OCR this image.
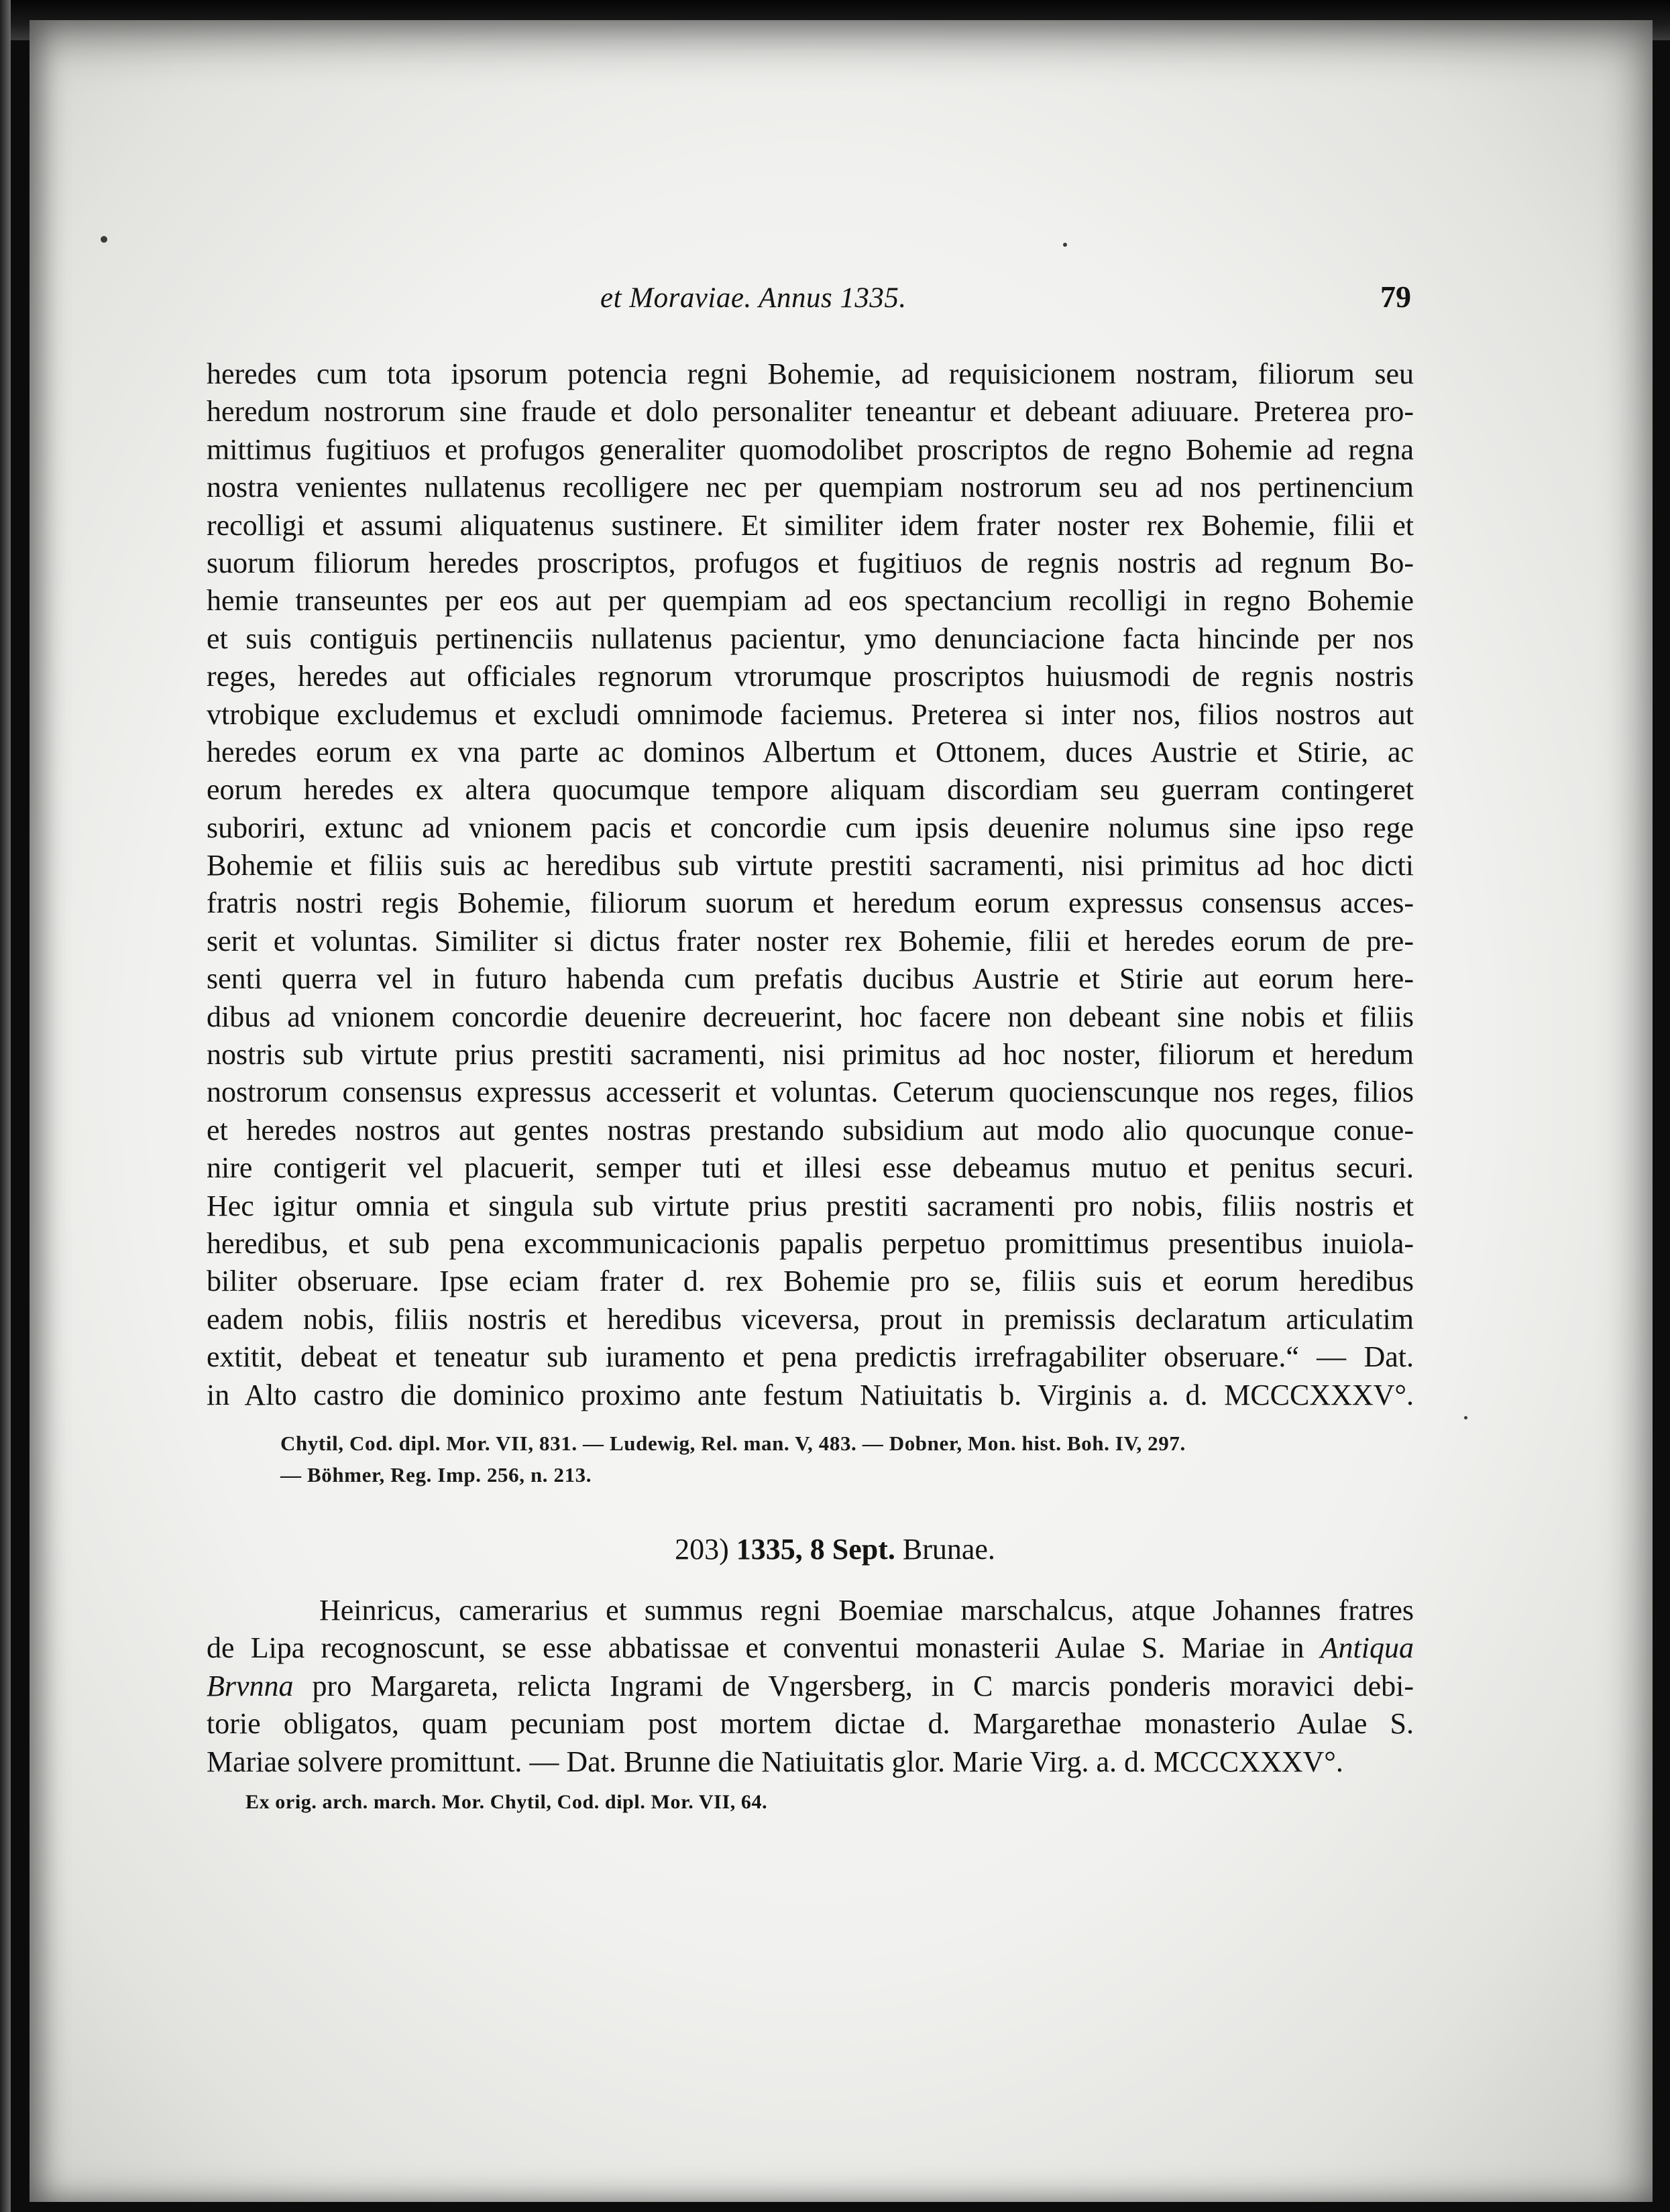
et Moraviae. Annus 1335.	79
heredes cum tota ipsorum potencia regni Bohemie, ad requisicionem nostram, filiorum seu
heredum nostrorum sine fraude et dolo personaliter teneantur et debeant adiuuare. Preterea pro-
mittimus fugitiuos et profugos generaliter quomodolibet proscriptos de regno Bohemie ad regna
nostra venientes nullatenus recolligere nec per quempiam nostrorum seu ad nos pertinencium
recolligi et assumi aliquatenus sustinere. Et similiter idem frater noster rex Bohemie, filii et
suorum filiorum heredes proscriptos, profugos et fugitiuos de regnis nostris ad regnum Bo-
hemie transeuntes per eos aut per quempiam ad eos spectancium recolligi in regno Bohemie
et suis contiguis pertinenciis nullatenus pacientur, ymo denunciacione facta hincinde per nos
reges, heredes aut officiales regnorum vtrorumque proscriptos huiusmodi de regnis nostris
vtrobique excludemus et excludi omnimode faciemus. Preterea si inter nos, filios nostros aut
heredes eorum ex vna parte ac dominos Albertum et Ottonem, duces Austrie et Stirie, ac
eorum heredes ex altera quocumque tempore aliquam discordiam seu guerram contingeret
suboriri, extunc ad vnionem pacis et concordie cum ipsis deuenire nolumus sine ipso rege
Bohemie et filiis suis ac heredibus sub virtute prestiti sacramenti, nisi primitus ad hoc dicti
fratris nostri regis Bohemie, filiorum suorum et heredum eorum expressus consensus acces-
serit et voluntas. Similiter si dictus frater noster rex Bohemie, filii et heredes eorum de pre-
senti querra vel in futuro habenda cum prefatis ducibus Austrie et Stirie aut eorum here-
dibus ad vnionem concordie deuenire decreuerint, hoc facere non debeant sine nobis et filiis
nostris sub virtute prius prestiti sacramenti, nisi primitus ad hoc noster, filiorum et heredum
nostrorum consensus expressus accesserit et voluntas. Ceterum quocienscunque nos reges, filios
et heredes nostros aut gentes nostras prestando subsidium aut modo alio quocunque conue-
nire contigerit vel placuerit, semper tuti et illesi esse debeamus mutuo et penitus securi.
Hec igitur omnia et singula sub virtute prius prestiti sacramenti pro nobis, filiis nostris et
heredibus, et sub pena excommunicacionis papalis perpetuo promittimus presentibus inuiola-
biliter obseruare. Ipse eciam frater d. rex Bohemie pro se, filiis suis et eorum heredibus
eadem nobis, filiis nostris et heredibus viceversa, prout in premissis declaratum articulatim
extitit, debeat et teneatur sub iuramento et pena predictis irrefragabiliter obseruare.“ — Dat.
in Alto castro die dominico proximo ante festum Natiuitatis b. Virginis a. d. MCCCXXXV°.
Chytil, Cod. dipl. Mor. VII, 831. — Ludewig, Rel. man. V, 483. — Dobner, Mon. hist. Boh. IV, 297.
— Böhmer, Reg. Imp. 256, n. 213.
203) 1335, 8 Sept. Brunae.
Heinricus, camerarius et summus regni Boemiae marschalcus, atque Johannes fratres
de Lipa recognoscunt, se esse abbatissae et conventui monasterii Aulae S. Mariae in Antiqua
Brvnna pro Margareta, relicta Ingrami de Vngersberg, in C marcis ponderis moravici debi-
torie obligatos, quam pecuniam post mortem dictae d. Margarethae monasterio Aulae S.
Mariae solvere promittunt. — Dat. Brunne die Natiuitatis glor. Marie Virg. a. d. MCCCXXXV°.
Ex orig. arch. march. Mor. Chytil, Cod. dipl. Mor. VII, 64.
